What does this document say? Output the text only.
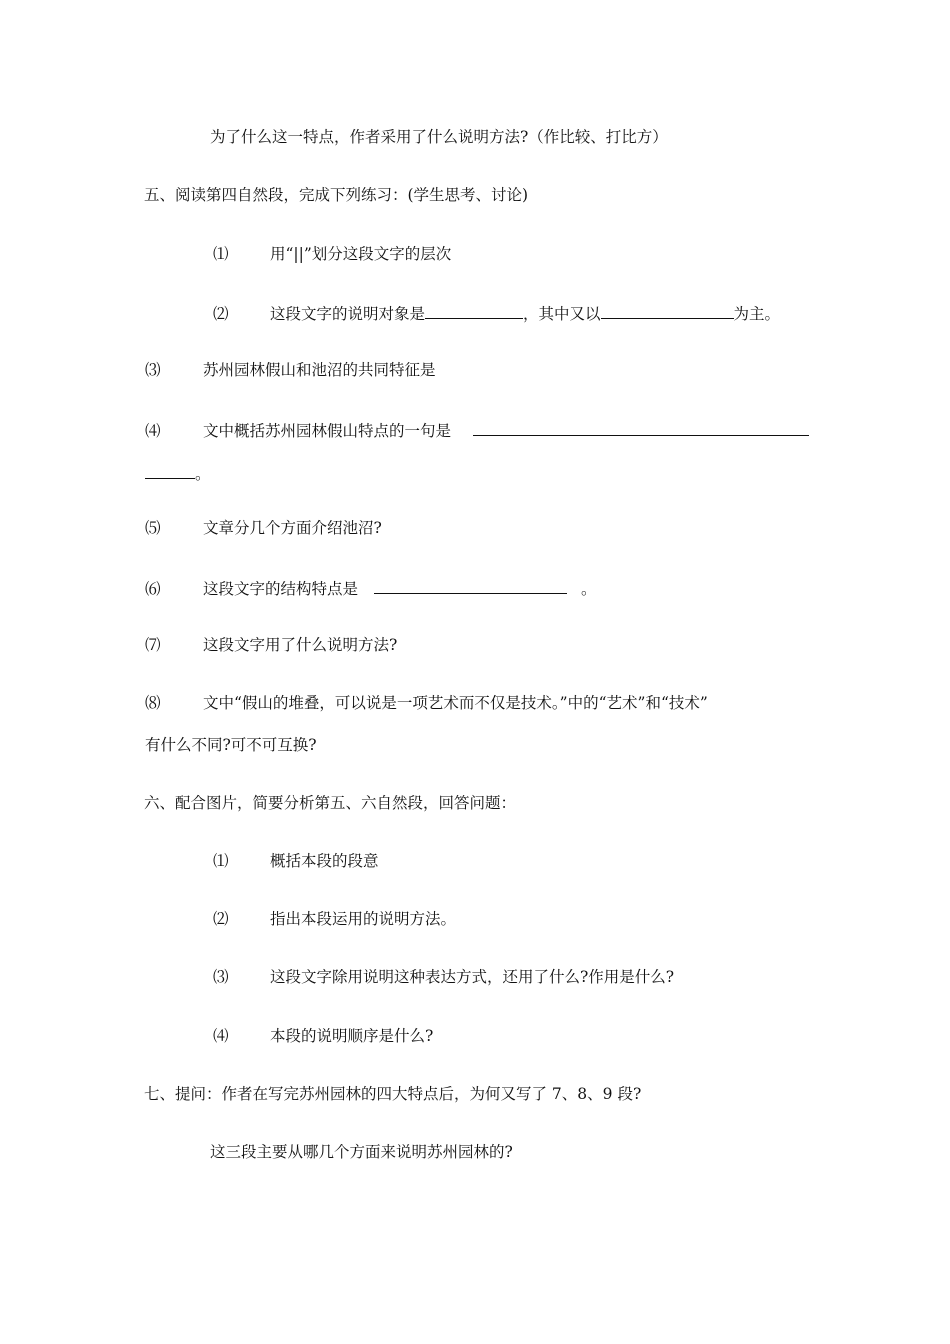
为了什么这一特点，作者采用了什么说明方法?（作比较、打比方）
五、阅读第四自然段，完成下列练习：(学生思考、讨论)
⑴	用“||”划分这段文字的层次
⑵	这段文字的说明对象是	，其中又以	为主。
⑶	苏州园林假山和池沼的共同特征是
⑷	文中概括苏州园林假山特点的一句是
。
⑸	文章分几个方面介绍池沼?
⑹	这段文字的结构特点是	。
⑺	这段文字用了什么说明方法?
⑻	文中“假山的堆叠，可以说是一项艺术而不仅是技术。”中的“艺术”和“技术”
有什么不同?可不可互换?
六、配合图片，简要分析第五、六自然段，回答问题：
⑴	概括本段的段意
⑵	指出本段运用的说明方法。
⑶	这段文字除用说明这种表达方式，还用了什么?作用是什么?
⑷	本段的说明顺序是什么?
七、提问：作者在写完苏州园林的四大特点后，为何又写了 7、8、9 段?
这三段主要从哪几个方面来说明苏州园林的?
